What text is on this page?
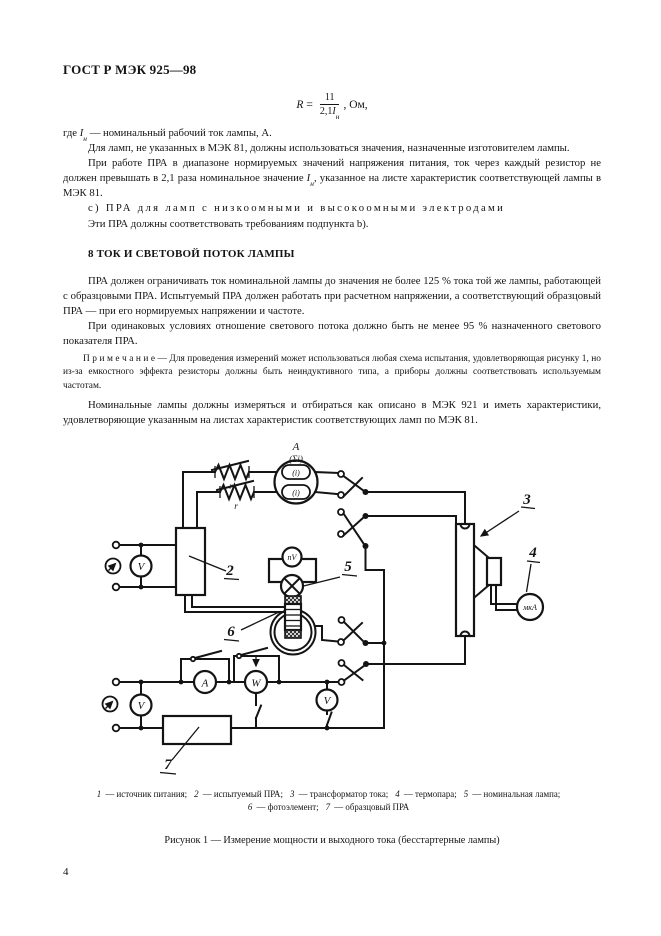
ГОСТ Р МЭК 925—98
$R = \frac{11}{2,1I_н}$ , Ом,

где $I_н$ — номинальный рабочий ток лампы, А.

Для ламп, не указанных в МЭК 81, должны использоваться значения, назначенные изготовителем лампы.

При работе ПРА в диапазоне нормируемых значений напряжения питания, ток через каждый резистор не должен превышать в 2,1 раза номинальное значение $I_н$, указанное на листе характеристик соответствующей лампы в МЭК 81.

c) ПРА для ламп с низкоомными и высокоомными электродами

Эти ПРА должны соответствовать требованиям подпункта b).

8 ТОК И СВЕТОВОЙ ПОТОК ЛАМПЫ

ПРА должен ограничивать ток номинальной лампы до значения не более 125 % тока той же лампы, работающей с образцовыми ПРА. Испытуемый ПРА должен работать при расчетном напряжении, а соответствующий образцовый ПРА — при его нормируемых напряжении и частоте.

При одинаковых условиях отношение светового потока должно быть не менее 95 % назначенного светового показателя ПРА.

П р и м е ч а н и е — Для проведения измерений может использоваться любая схема испытания, удовлетворяющая рисунку 1, но из-за емкостного эффекта резисторы должны быть неиндуктивного типа, а приборы должны соответствовать используемым частотам.

Номинальные лампы должны измеряться и отбираться как описано в МЭК 921 и иметь характеристики, удовлетворяющие указанным на листах характеристик соответствующих ламп по МЭК 81.

V	2
r
r
(i)
(i)
А
(Σi)
3
мкА
4
пV
5
6
A	W
V	V
7
1 — источник питания; 2 — испытуемый ПРА; 3 — трансформатор тока; 4 — термопара; 5 — номинальная лампа;
6 — фотоэлемент; 7 — образцовый ПРА
Рисунок 1 — Измерение мощности и выходного тока (бесстартерные лампы)
4
